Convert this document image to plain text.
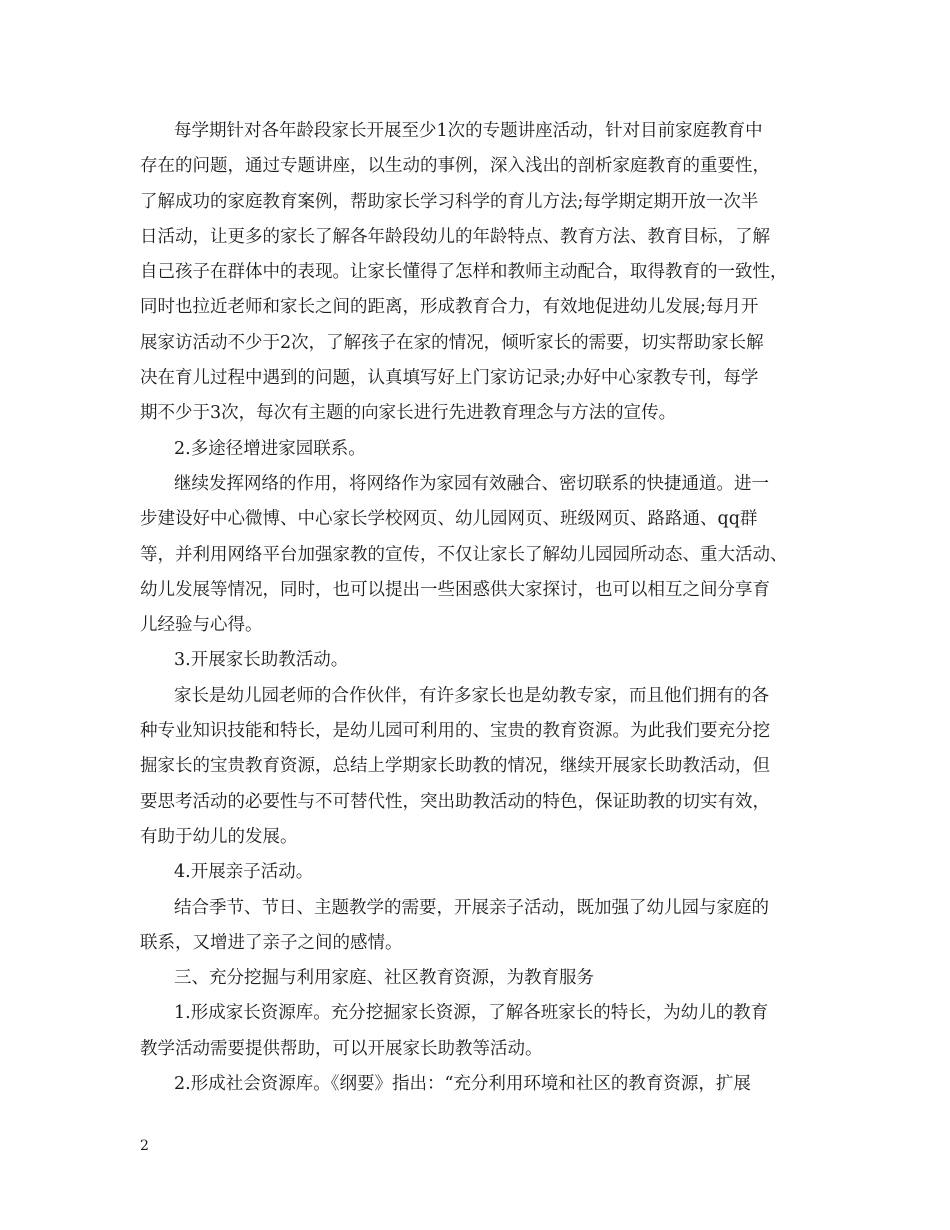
每学期针对各年龄段家长开展至少1次的专题讲座活动，针对目前家庭教育中
存在的问题，通过专题讲座，以生动的事例，深入浅出的剖析家庭教育的重要性，
了解成功的家庭教育案例，帮助家长学习科学的育儿方法;每学期定期开放一次半
日活动，让更多的家长了解各年龄段幼儿的年龄特点、教育方法、教育目标，了解
自己孩子在群体中的表现。让家长懂得了怎样和教师主动配合，取得教育的一致性，
同时也拉近老师和家长之间的距离，形成教育合力，有效地促进幼儿发展;每月开
展家访活动不少于2次，了解孩子在家的情况，倾听家长的需要，切实帮助家长解
决在育儿过程中遇到的问题，认真填写好上门家访记录;办好中心家教专刊，每学
期不少于3次，每次有主题的向家长进行先进教育理念与方法的宣传。
2.多途径增进家园联系。
继续发挥网络的作用，将网络作为家园有效融合、密切联系的快捷通道。进一
步建设好中心微博、中心家长学校网页、幼儿园网页、班级网页、路路通、qq群
等，并利用网络平台加强家教的宣传，不仅让家长了解幼儿园园所动态、重大活动、
幼儿发展等情况，同时，也可以提出一些困惑供大家探讨，也可以相互之间分享育
儿经验与心得。
3.开展家长助教活动。
家长是幼儿园老师的合作伙伴，有许多家长也是幼教专家，而且他们拥有的各
种专业知识技能和特长，是幼儿园可利用的、宝贵的教育资源。为此我们要充分挖
掘家长的宝贵教育资源，总结上学期家长助教的情况，继续开展家长助教活动，但
要思考活动的必要性与不可替代性，突出助教活动的特色，保证助教的切实有效，
有助于幼儿的发展。
4.开展亲子活动。
结合季节、节日、主题教学的需要，开展亲子活动，既加强了幼儿园与家庭的
联系，又增进了亲子之间的感情。
三、充分挖掘与利用家庭、社区教育资源，为教育服务
1.形成家长资源库。充分挖掘家长资源，了解各班家长的特长，为幼儿的教育
教学活动需要提供帮助，可以开展家长助教等活动。
2.形成社会资源库。《纲要》指出：“充分利用环境和社区的教育资源，扩展
2
